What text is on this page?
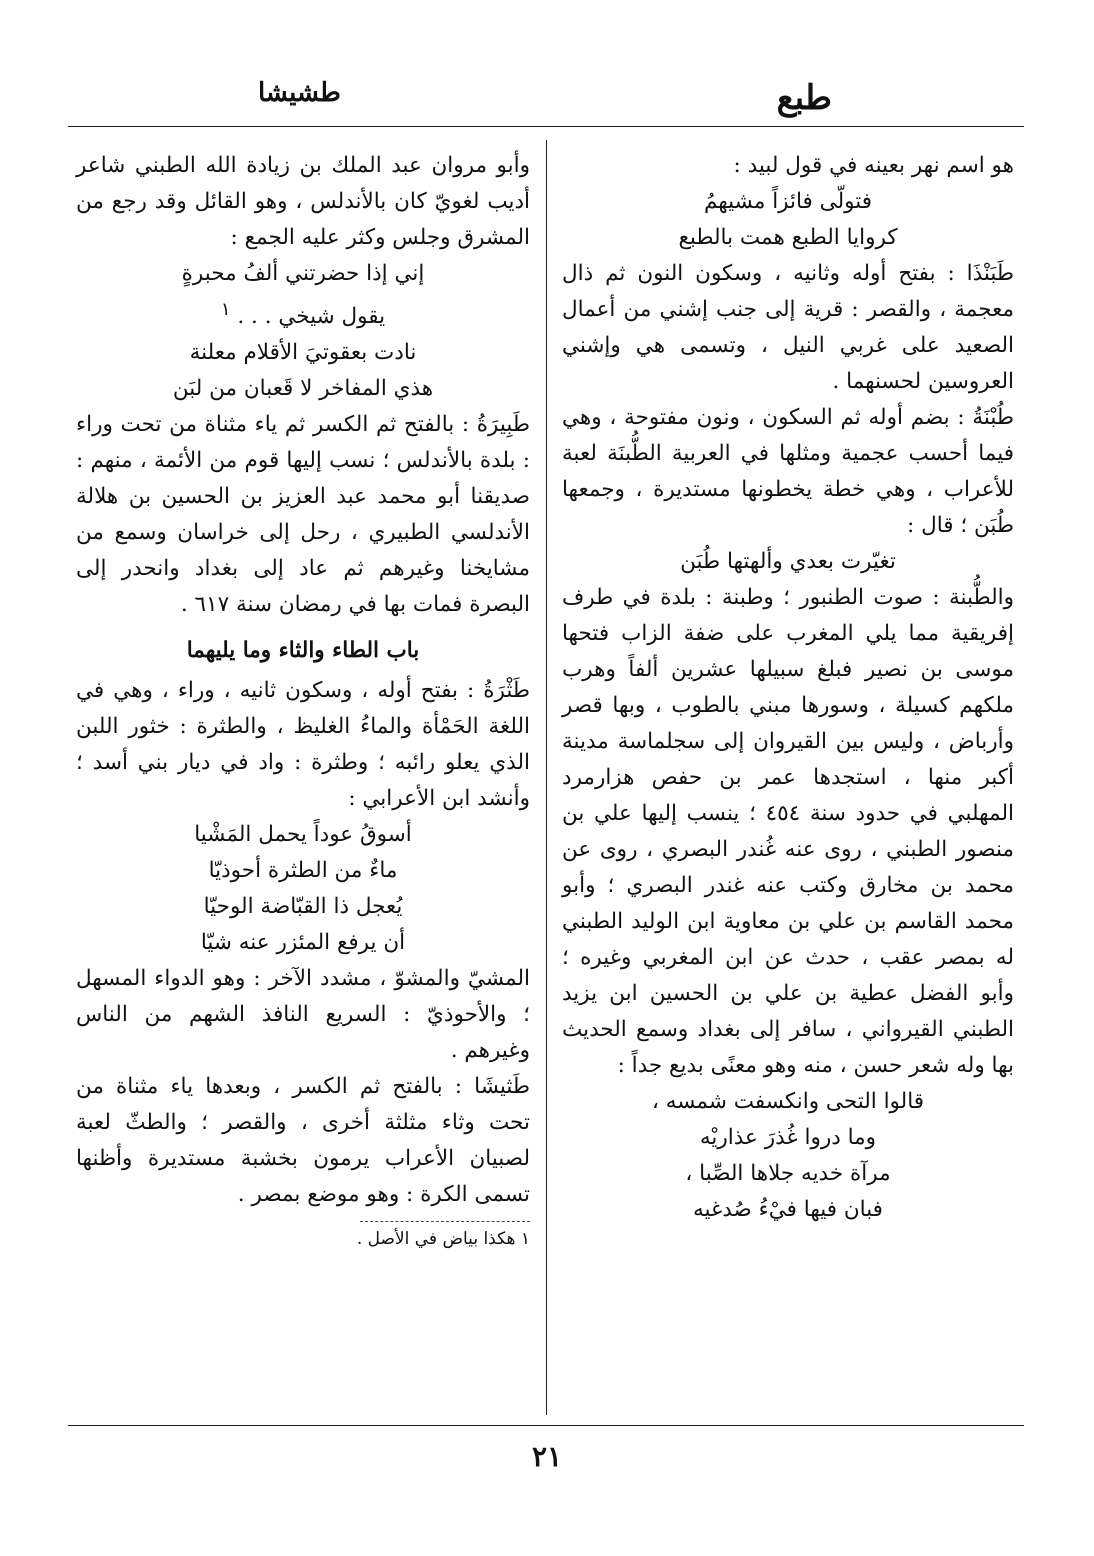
طبع
طشيشا

هو اسم نهر بعينه في قول لبيد :

فتولّى فائزاً مشيهمُ

كروايا الطبع همت بالطبع

طَبَنْذَا : بفتح أوله وثانيه ، وسكون النون ثم ذال معجمة ، والقصر : قرية إلى جنب إشني من أعمال الصعيد على غربي النيل ، وتسمى هي وإشني العروسين لحسنهما .

طُبْنَةُ : بضم أوله ثم السكون ، ونون مفتوحة ، وهي فيما أحسب عجمية ومثلها في العربية الطُّبنَة لعبة للأعراب ، وهي خطة يخطونها مستديرة ، وجمعها طُبَن ؛ قال :

تغيّرت بعدي وألهتها طُبَن

والطُّبنة : صوت الطنبور ؛ وطبنة : بلدة في طرف إفريقية مما يلي المغرب على ضفة الزاب فتحها موسى بن نصير فبلغ سبيلها عشرين ألفاً وهرب ملكهم كسيلة ، وسورها مبني بالطوب ، وبها قصر وأرباض ، وليس بين القيروان إلى سجلماسة مدينة أكبر منها ، استجدها عمر بن حفص هزارمرد المهلبي في حدود سنة ٤٥٤ ؛ ينسب إليها علي بن منصور الطبني ، روى عنه غُندر البصري ، روى عن محمد بن مخارق وكتب عنه غندر البصري ؛ وأبو محمد القاسم بن علي بن معاوية ابن الوليد الطبني له بمصر عقب ، حدث عن ابن المغربي وغيره ؛ وأبو الفضل عطية بن علي بن الحسين ابن يزيد الطبني القيرواني ، سافر إلى بغداد وسمع الحديث بها وله شعر حسن ، منه وهو معنًى بديع جداً :

قالوا التحى وانكسفت شمسه ،

وما دروا غُذرَ عذاريْه

مرآة خديه جلاها الصِّبا ،

فبان فيها فيْءُ صُدغيه

وأبو مروان عبد الملك بن زيادة الله الطبني شاعر أديب لغويّ كان بالأندلس ، وهو القائل وقد رجع من المشرق وجلس وكثر عليه الجمع :

إني إذا حضرتني ألفُ محبرةٍ

يقول شيخي . . . $^١$

نادت بعقوتيَ الأقلام معلنة

هذي المفاخر لا قَعبان من لبَن

طَبِيرَةُ : بالفتح ثم الكسر ثم ياء مثناة من تحت وراء : بلدة بالأندلس ؛ نسب إليها قوم من الأئمة ، منهم : صديقنا أبو محمد عبد العزيز بن الحسين بن هلالة الأندلسي الطبيري ، رحل إلى خراسان وسمع من مشايخنا وغيرهم ثم عاد إلى بغداد وانحدر إلى البصرة فمات بها في رمضان سنة ٦١٧ .

باب الطاء والثاء وما يليهما

طَثْرَةُ : بفتح أوله ، وسكون ثانيه ، وراء ، وهي في اللغة الحَمْأة والماءُ الغليظ ، والطثرة : خثور اللبن الذي يعلو رائبه ؛ وطثرة : واد في ديار بني أسد ؛ وأنشد ابن الأعرابي :

أسوقُ عوداً يحمل المَشْيا

ماءٌ من الطثرة أحوذيّا

يُعجل ذا القبّاضة الوحيّا

أن يرفع المئزر عنه شيّا

المشيّ والمشوّ ، مشدد الآخر : وهو الدواء المسهل ؛ والأحوذيّ : السريع النافذ الشهم من الناس وغيرهم .

طَثيشَا : بالفتح ثم الكسر ، وبعدها ياء مثناة من تحت وثاء مثلثة أخرى ، والقصر ؛ والطثّ لعبة لصبيان الأعراب يرمون بخشبة مستديرة وأظنها تسمى الكرة : وهو موضع بمصر .

١ هكذا بياض في الأصل .

٢١
